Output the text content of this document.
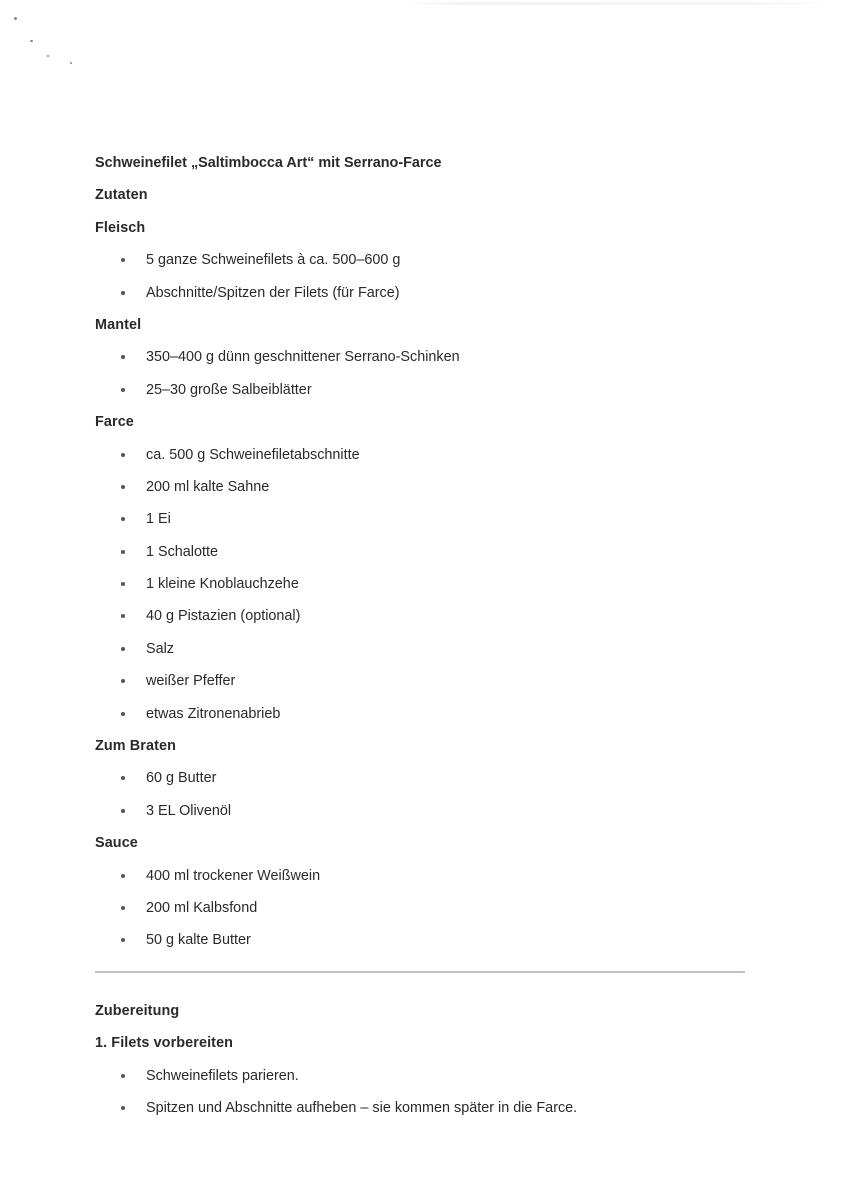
Schweinefilet „Saltimbocca Art“ mit Serrano-Farce
Zutaten
Fleisch
5 ganze Schweinefilets à ca. 500–600 g
Abschnitte/Spitzen der Filets (für Farce)
Mantel
350–400 g dünn geschnittener Serrano-Schinken
25–30 große Salbeiblätter
Farce
ca. 500 g Schweinefiletabschnitte
200 ml kalte Sahne
1 Ei
1 Schalotte
1 kleine Knoblauchzehe
40 g Pistazien (optional)
Salz
weißer Pfeffer
etwas Zitronenabrieb
Zum Braten
60 g Butter
3 EL Olivenöl
Sauce
400 ml trockener Weißwein
200 ml Kalbsfond
50 g kalte Butter
Zubereitung
1. Filets vorbereiten
Schweinefilets parieren.
Spitzen und Abschnitte aufheben – sie kommen später in die Farce.
